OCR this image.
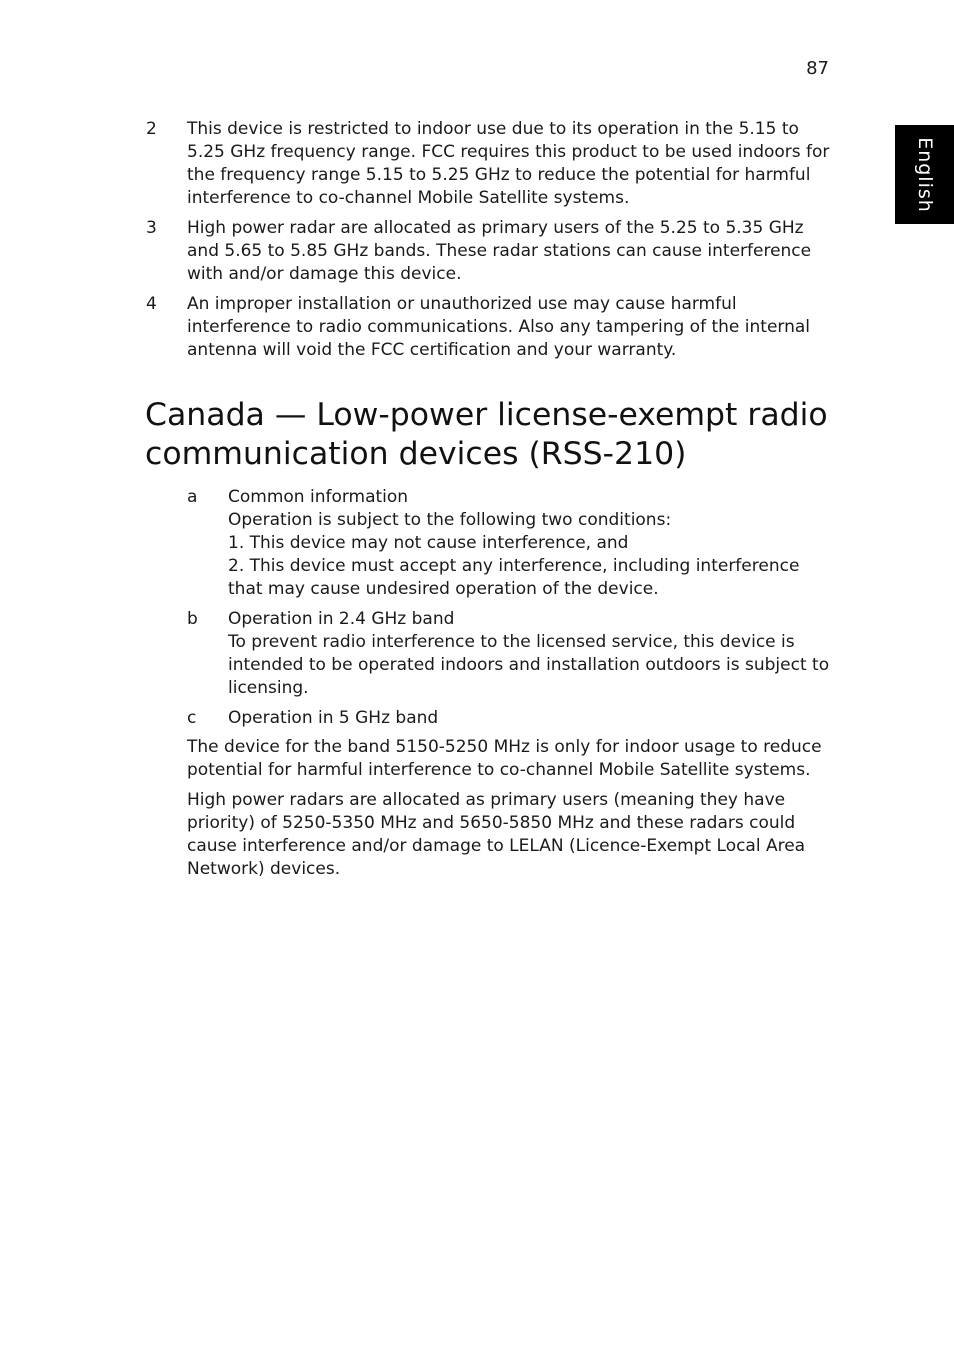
87
English
2	This device is restricted to indoor use due to its operation in the 5.15 to 5.25 GHz frequency range. FCC requires this product to be used indoors for the frequency range 5.15 to 5.25 GHz to reduce the potential for harmful interference to co-channel Mobile Satellite systems.
3	High power radar are allocated as primary users of the 5.25 to 5.35 GHz and 5.65 to 5.85 GHz bands. These radar stations can cause interference with and/or damage this device.
4	An improper installation or unauthorized use may cause harmful interference to radio communications. Also any tampering of the internal antenna will void the FCC certification and your warranty.
Canada — Low-power license-exempt radio communication devices (RSS-210)
a	Common information
Operation is subject to the following two conditions:
1. This device may not cause interference, and
2. This device must accept any interference, including interference that may cause undesired operation of the device.
b	Operation in 2.4 GHz band
To prevent radio interference to the licensed service, this device is intended to be operated indoors and installation outdoors is subject to licensing.
c	Operation in 5 GHz band

The device for the band 5150-5250 MHz is only for indoor usage to reduce potential for harmful interference to co-channel Mobile Satellite systems.

High power radars are allocated as primary users (meaning they have priority) of 5250-5350 MHz and 5650-5850 MHz and these radars could cause interference and/or damage to LELAN (Licence-Exempt Local Area Network) devices.
